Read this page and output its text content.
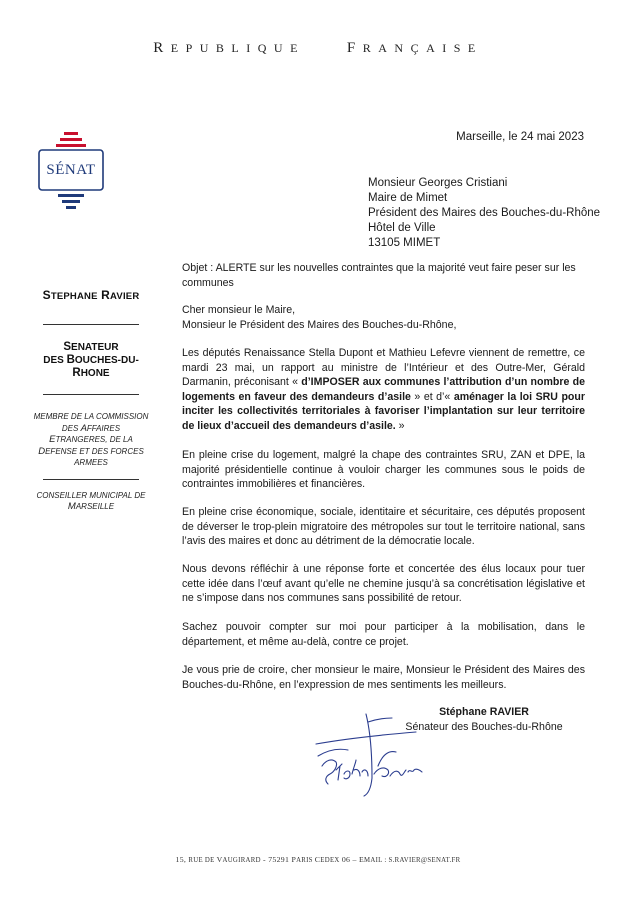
REPUBLIQUE	FRANÇAISE
SÉNAT
STEPHANE RAVIER
SENATEUR
DES BOUCHES-DU-
RHONE
MEMBRE DE LA COMMISSION
DES AFFAIRES
ETRANGERES, DE LA
DEFENSE ET DES FORCES
ARMEES
CONSEILLER MUNICIPAL DE
MARSEILLE
Marseille, le 24 mai 2023
Monsieur Georges Cristiani
Maire de Mimet
Président des Maires des Bouches-du-Rhône
Hôtel de Ville
13105 MIMET
Objet : ALERTE sur les nouvelles contraintes que la majorité veut faire peser sur les communes
Cher monsieur le Maire,
Monsieur le Président des Maires des Bouches-du-Rhône,
Les députés Renaissance Stella Dupont et Mathieu Lefevre viennent de remettre, ce mardi 23 mai, un rapport au ministre de l’Intérieur et des Outre-Mer, Gérald Darmanin, préconisant « d’IMPOSER aux communes l’attribution d’un nombre de logements en faveur des demandeurs d’asile » et d’« aménager la loi SRU pour inciter les collectivités territoriales à favoriser l’implantation sur leur territoire de lieux d’accueil des demandeurs d’asile. »
En pleine crise du logement, malgré la chape des contraintes SRU, ZAN et DPE, la majorité présidentielle continue à vouloir charger les communes sous le poids de contraintes immobilières et financières.
En pleine crise économique, sociale, identitaire et sécuritaire, ces députés proposent de déverser le trop-plein migratoire des métropoles sur tout le territoire national, sans l’avis des maires et donc au détriment de la démocratie locale.
Nous devons réfléchir à une réponse forte et concertée des élus locaux pour tuer cette idée dans l’œuf avant qu’elle ne chemine jusqu’à sa concrétisation législative et ne s’impose dans nos communes sans possibilité de retour.
Sachez pouvoir compter sur moi pour participer à la mobilisation, dans le département, et même au-delà, contre ce projet.
Je vous prie de croire, cher monsieur le maire, Monsieur le Président des Maires des Bouches-du-Rhône, en l’expression de mes sentiments les meilleurs.
Stéphane RAVIER
Sénateur des Bouches-du-Rhône
15, RUE DE VAUGIRARD - 75291 PARIS CEDEX 06 – EMAIL : S.RAVIER@SENAT.FR
